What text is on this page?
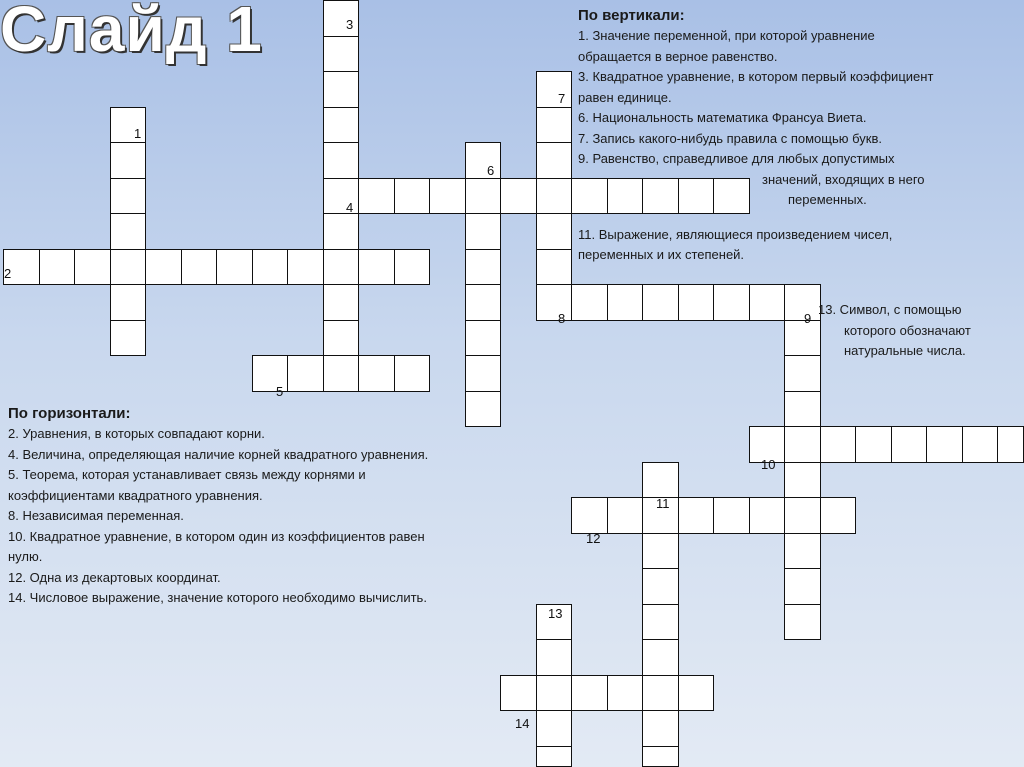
1
2
3
4
5
6
7
8	9
10
11
12
13
14
Слайд 1	По вертикали:

1. Значение переменной, при которой уравнение

обращается в верное равенство.

3. Квадратное уравнение, в котором первый коэффициент

равен единице.

6. Национальность математика Франсуа Виета.

7. Запись какого-нибудь правила с помощью букв.

9. Равенство, справедливое для любых допустимых

значений, входящих в него

переменных.

11. Выражение, являющиеся произведением чисел,

переменных и их степеней.

13. Символ, с помощью

которого обозначают

натуральные числа.

По горизонтали:

2. Уравнения, в которых совпадают корни.

4. Величина, определяющая наличие корней квадратного уравнения.

5. Теорема, которая устанавливает связь между корнями и

коэффициентами квадратного уравнения.

8. Независимая переменная.

10. Квадратное уравнение, в котором один из коэффициентов равен

нулю.

12. Одна из декартовых координат.

14. Числовое выражение, значение которого необходимо вычислить.
